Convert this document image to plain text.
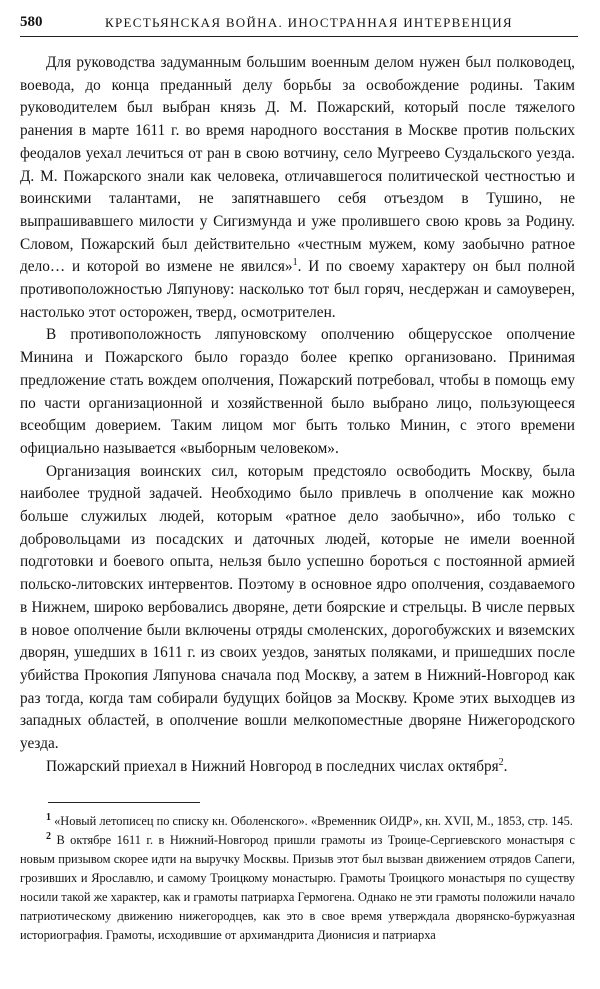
580	КРЕСТЬЯНСКАЯ ВОЙНА. ИНОСТРАННАЯ ИНТЕРВЕНЦИЯ

Для руководства задуманным большим военным делом нужен был полководец, воевода, до конца преданный делу борьбы за освобождение родины. Таким руководителем был выбран князь Д. М. Пожарский, который после тяжелого ранения в марте 1611 г. во время народного восстания в Москве против польских феодалов уехал лечиться от ран в свою вотчину, село Мугреево Суздальского уезда. Д. М. Пожарского знали как человека, отличавшегося политической честностью и воинскими талантами, не запятнавшего себя отъездом в Тушино, не выпрашивавшего милости у Сигизмунда и уже пролившего свою кровь за Родину. Словом, Пожарский был действительно «честным мужем, кому заобычно ратное дело… и которой во измене не явился»$^1$. И по своему характеру он был полной противоположностью Ляпунову: насколько тот был горяч, несдержан и самоуверен, настолько этот осторожен, тверд‚ осмотрителен.

В противоположность ляпуновскому ополчению общерусское ополчение Минина и Пожарского было гораздо более крепко организовано. Принимая предложение стать вождем ополчения, Пожарский потребовал, чтобы в помощь ему по части организационной и хозяйственной было выбрано лицо, пользующееся всеобщим доверием. Таким лицом мог быть только Минин, с этого времени официально называется «выборным человеком».

Организация воинских сил, которым предстояло освободить Москву, была наиболее трудной задачей. Необходимо было привлечь в ополчение как можно больше служилых людей, которым «ратное дело заобычно», ибо только с добровольцами из посадских и даточных людей, которые не имели военной подготовки и боевого опыта, нельзя было успешно бороться с постоянной армией польско-литовских интервентов. Поэтому в основное ядро ополчения, создаваемого в Нижнем, широко вербовались дворяне, дети боярские и стрельцы. В числе первых в новое ополчение были включены отряды смоленских, дорогобужских и вяземских дворян, ушедших в 1611 г. из своих уездов, занятых поляками, и пришедших после убийства Прокопия Ляпунова сначала под Москву, а затем в Нижний-Новгород как раз тогда, когда там собирали будущих бойцов за Москву. Кроме этих выходцев из западных областей, в ополчение вошли мелкопоместные дворяне Нижегородского уезда.

Пожарский приехал в Нижний Новгород в последних числах октября$^2$.

$^1$ «Новый летописец по списку кн. Оболенского». «Временник ОИДР», кн. XVII, М., 1853, стр. 145.

$^2$ В октябре 1611 г. в Нижний-Новгород пришли грамоты из Троице-Сергиевского монастыря с новым призывом скорее идти на выручку Москвы. Призыв этот был вызван движением отрядов Сапеги, грозивших и Ярославлю, и самому Троицкому монастырю. Грамоты Троицкого монастыря по существу носили такой же характер, как и грамоты патриарха Гермогена. Однако не эти грамоты положили начало патриотическому движению нижегородцев, как это в свое время утверждала дворянско-буржуазная историография. Грамоты, исходившие от архимандрита Дионисия и патриарха
